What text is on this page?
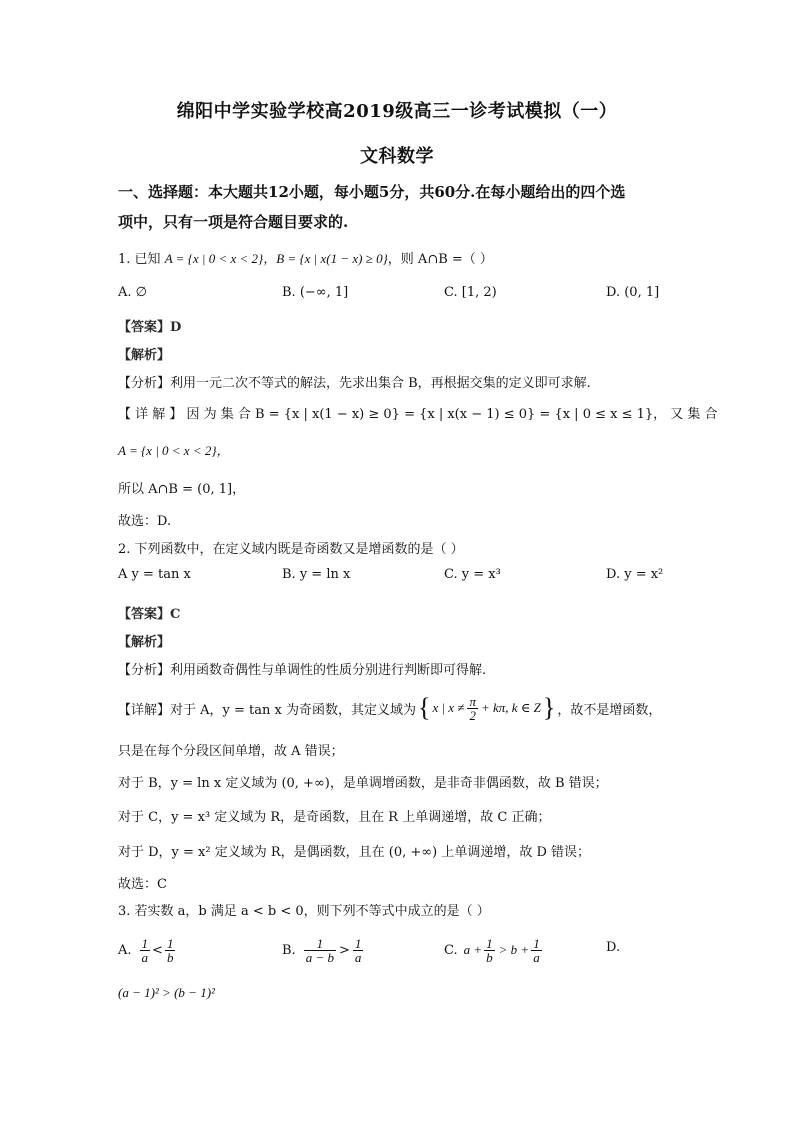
绵阳中学实验学校高2019级高三一诊考试模拟（一）
文科数学
一、选择题：本大题共12小题，每小题5分，共60分.在每小题给出的四个选
项中，只有一项是符合题目要求的.
1. 已知 A = {x | 0 < x < 2}，B = {x | x(1 − x) ≥ 0}，则 A∩B =（ ）
A. ∅	B. (−∞, 1]	C. [1, 2)	D. (0, 1]
【答案】D
【解析】
【分析】利用一元二次不等式的解法，先求出集合 B，再根据交集的定义即可求解.
【 详 解 】 因 为 集 合 B = {x | x(1 − x) ≥ 0} = {x | x(x − 1) ≤ 0} = {x | 0 ≤ x ≤ 1}， 又 集 合
A = {x | 0 < x < 2}，
所以 A∩B = (0, 1]，
故选：D.
2. 下列函数中，在定义域内既是奇函数又是增函数的是（ ）
A y = tan x	B. y = ln x	C. y = x³	D. y = x²
【答案】C
【解析】
【分析】利用函数奇偶性与单调性的性质分别进行判断即可得解.
【详解】对于 A，y = tan x 为奇函数，其定义域为 { x | $x \ne \frac{\pi}{2} + k\pi$, k ∈ Z } ，故不是增函数，
只是在每个分段区间单增，故 A 错误；
对于 B，y = ln x 定义域为 (0, +∞)，是单调增函数，是非奇非偶函数，故 B 错误；
对于 C，y = x³ 定义域为 R，是奇函数，且在 R 上单调递增，故 C 正确；
对于 D，y = x² 定义域为 R，是偶函数，且在 (0, +∞) 上单调递增，故 D 错误；
故选：C
3. 若实数 a，b 满足 a < b < 0，则下列不等式中成立的是（ ）
A. $\frac{1}{a} < \frac{1}{b}$	B. $\frac{1}{a - b} > \frac{1}{a}$	C. $a + \frac{1}{b} > b + \frac{1}{a}$	D.
(a − 1)² > (b − 1)²
